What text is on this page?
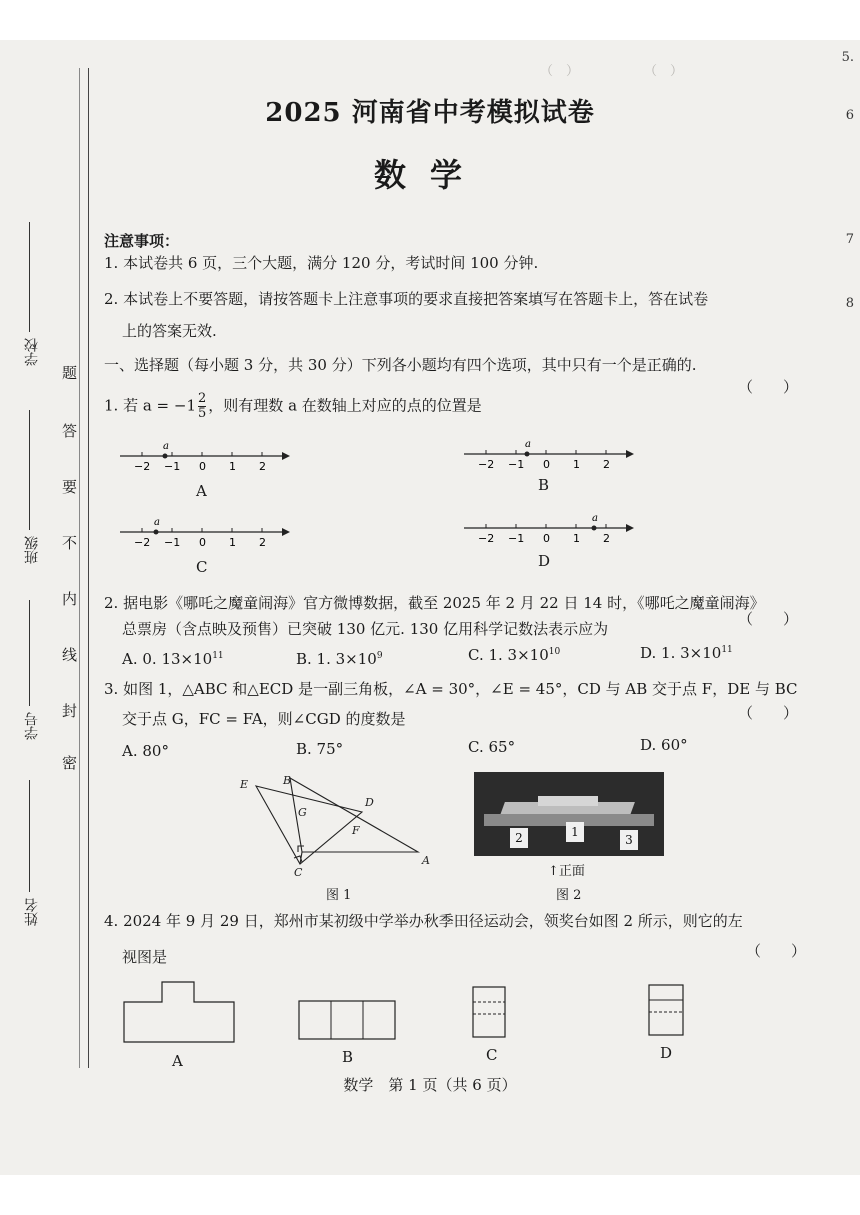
（　）　　　　　　（　）　　　
5.
6
7
8
学校
班级
学号
姓名
题
答
要
不
内
线
封
密
2025 河南省中考模拟试卷
数学
注意事项：
1. 本试卷共 6 页，三个大题，满分 120 分，考试时间 100 分钟.
2. 本试卷上不要答题，请按答题卡上注意事项的要求直接把答案填写在答题卡上，答在试卷
上的答案无效.
一、选择题（每小题 3 分，共 30 分）下列各小题均有四个选项，其中只有一个是正确的.
1. 若 $a = -1 \frac{2}{5}$ ，则有理数 a 在数轴上对应的点的位置是
（　　）
a
−2 −1 0 1 2
A
a
−2 −1 0 1 2
B
a
−2 −1 0 1 2
C
a
−2 −1 0 1 2
D
2. 据电影《哪吒之魔童闹海》官方微博数据，截至 2025 年 2 月 22 日 14 时，《哪吒之魔童闹海》
总票房（含点映及预售）已突破 130 亿元. 130 亿用科学记数法表示应为
（　　）
A. 0. $13\times 10^{11}$	B. 1. $3\times 10^9$	C. 1. $3\times 10^{10}$	D. 1. $3\times 10^{11}$
3. 如图 1，△ABC 和△ECD 是一副三角板，∠A = 30°，∠E = 45°，CD 与 AB 交于点 F，DE 与 BC
交于点 G，FC = FA，则∠CGD 的度数是	（　　）
A. 80°	B. 75°	C. 65°	D. 60°
E	B
D
G
F
A
C
图 1
2	1
3
↑正面
图 2
4. 2024 年 9 月 29 日，郑州市某初级中学举办秋季田径运动会，领奖台如图 2 所示，则它的左
视图是	（　　）
A	B	C	D
数学　第 1 页（共 6 页）
